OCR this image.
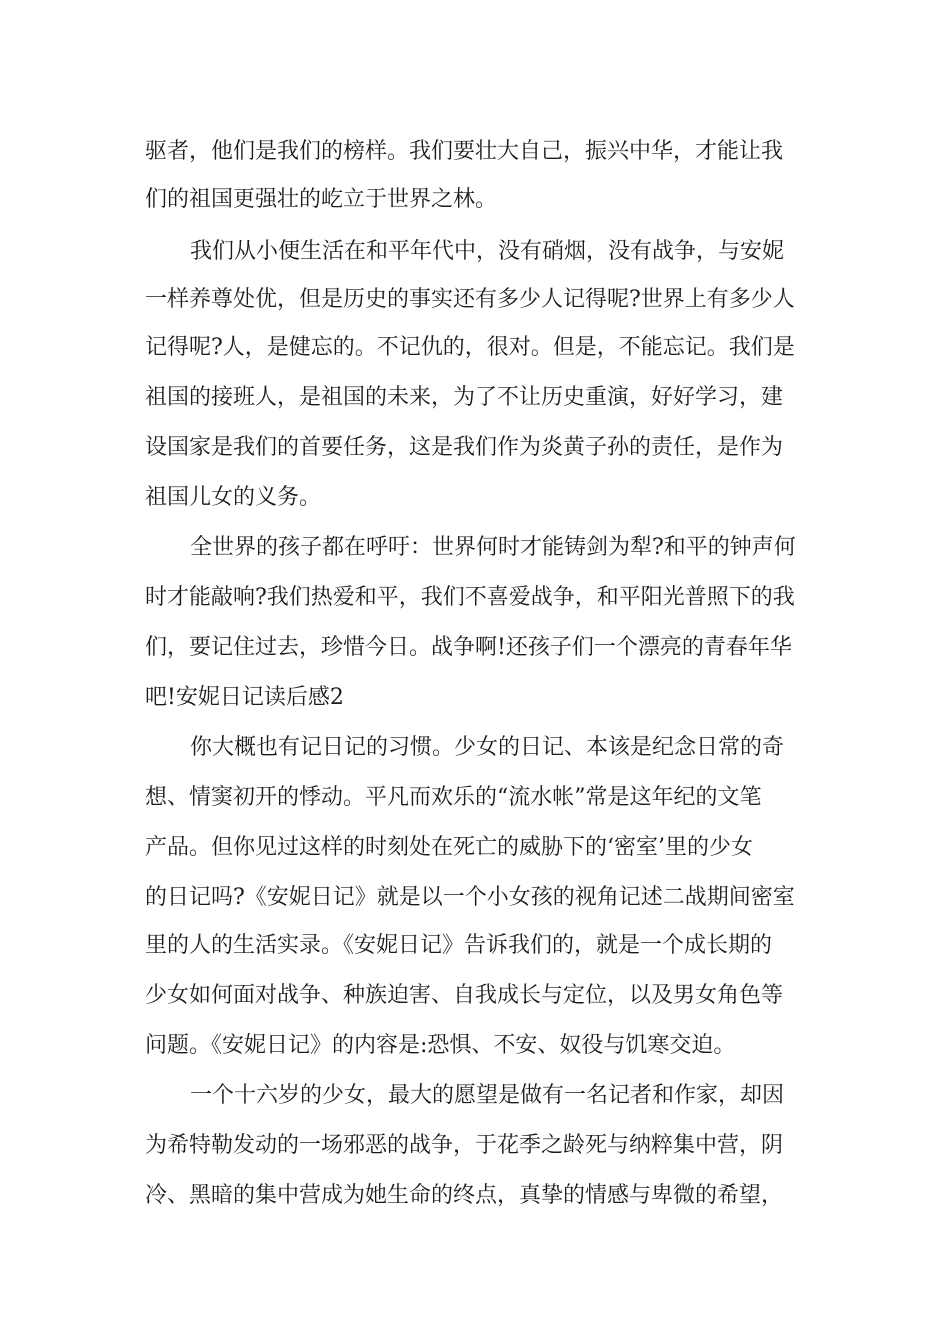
驱者，他们是我们的榜样。我们要壮大自己，振兴中华，才能让我
们的祖国更强壮的屹立于世界之林。
我们从小便生活在和平年代中，没有硝烟，没有战争，与安妮
一样养尊处优，但是历史的事实还有多少人记得呢?世界上有多少人
记得呢?人，是健忘的。不记仇的，很对。但是，不能忘记。我们是
祖国的接班人，是祖国的未来，为了不让历史重演，好好学习，建
设国家是我们的首要任务，这是我们作为炎黄子孙的责任，是作为
祖国儿女的义务。
全世界的孩子都在呼吁：世界何时才能铸剑为犁?和平的钟声何
时才能敲响?我们热爱和平，我们不喜爱战争，和平阳光普照下的我
们，要记住过去，珍惜今日。战争啊!还孩子们一个漂亮的青春年华
吧!安妮日记读后感2
你大概也有记日记的习惯。少女的日记、本该是纪念日常的奇
想、情窦初开的悸动。平凡而欢乐的“流水帐”常是这年纪的文笔
产品。但你见过这样的时刻处在死亡的威胁下的‘密室’里的少女
的日记吗?《安妮日记》就是以一个小女孩的视角记述二战期间密室
里的人的生活实录。《安妮日记》告诉我们的，就是一个成长期的
少女如何面对战争、种族迫害、自我成长与定位，以及男女角色等
问题。《安妮日记》的内容是:恐惧、不安、奴役与饥寒交迫。
一个十六岁的少女，最大的愿望是做有一名记者和作家，却因
为希特勒发动的一场邪恶的战争，于花季之龄死与纳粹集中营，阴
冷、黑暗的集中营成为她生命的终点，真挚的情感与卑微的希望，
